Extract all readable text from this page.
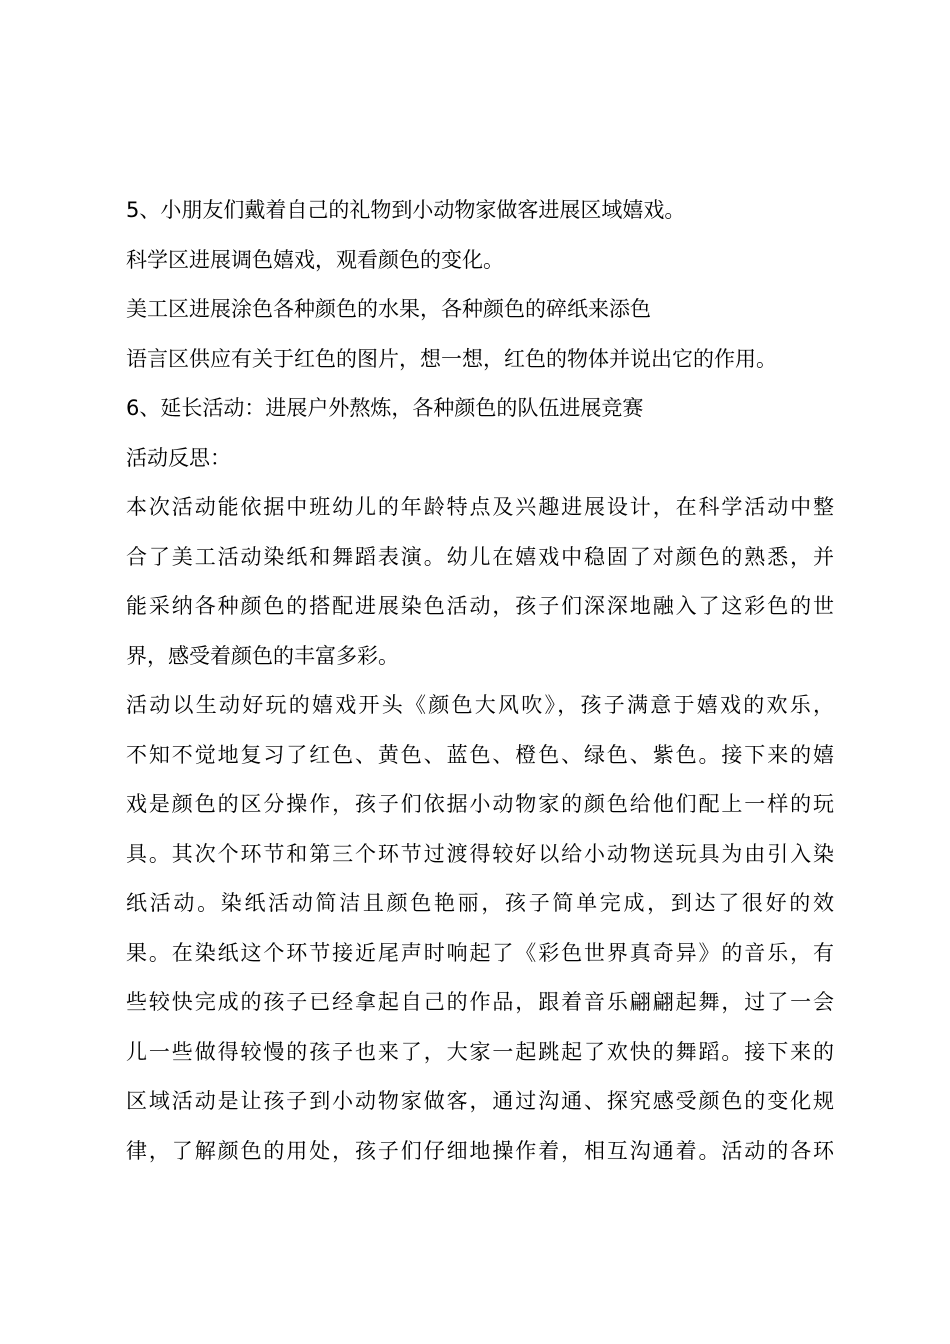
5、小朋友们戴着自己的礼物到小动物家做客进展区域嬉戏。
科学区进展调色嬉戏，观看颜色的变化。
美工区进展涂色各种颜色的水果，各种颜色的碎纸来添色
语言区供应有关于红色的图片，想一想，红色的物体并说出它的作用。
6、延长活动：进展户外熬炼，各种颜色的队伍进展竞赛
活动反思：
本次活动能依据中班幼儿的年龄特点及兴趣进展设计，在科学活动中整
合了美工活动染纸和舞蹈表演。幼儿在嬉戏中稳固了对颜色的熟悉，并
能采纳各种颜色的搭配进展染色活动，孩子们深深地融入了这彩色的世
界，感受着颜色的丰富多彩。
活动以生动好玩的嬉戏开头《颜色大风吹》，孩子满意于嬉戏的欢乐，
不知不觉地复习了红色、黄色、蓝色、橙色、绿色、紫色。接下来的嬉
戏是颜色的区分操作，孩子们依据小动物家的颜色给他们配上一样的玩
具。其次个环节和第三个环节过渡得较好以给小动物送玩具为由引入染
纸活动。染纸活动简洁且颜色艳丽，孩子简单完成，到达了很好的效
果。在染纸这个环节接近尾声时响起了《彩色世界真奇异》的音乐，有
些较快完成的孩子已经拿起自己的作品，跟着音乐翩翩起舞，过了一会
儿一些做得较慢的孩子也来了，大家一起跳起了欢快的舞蹈。接下来的
区域活动是让孩子到小动物家做客，通过沟通、探究感受颜色的变化规
律，了解颜色的用处，孩子们仔细地操作着，相互沟通着。活动的各环
